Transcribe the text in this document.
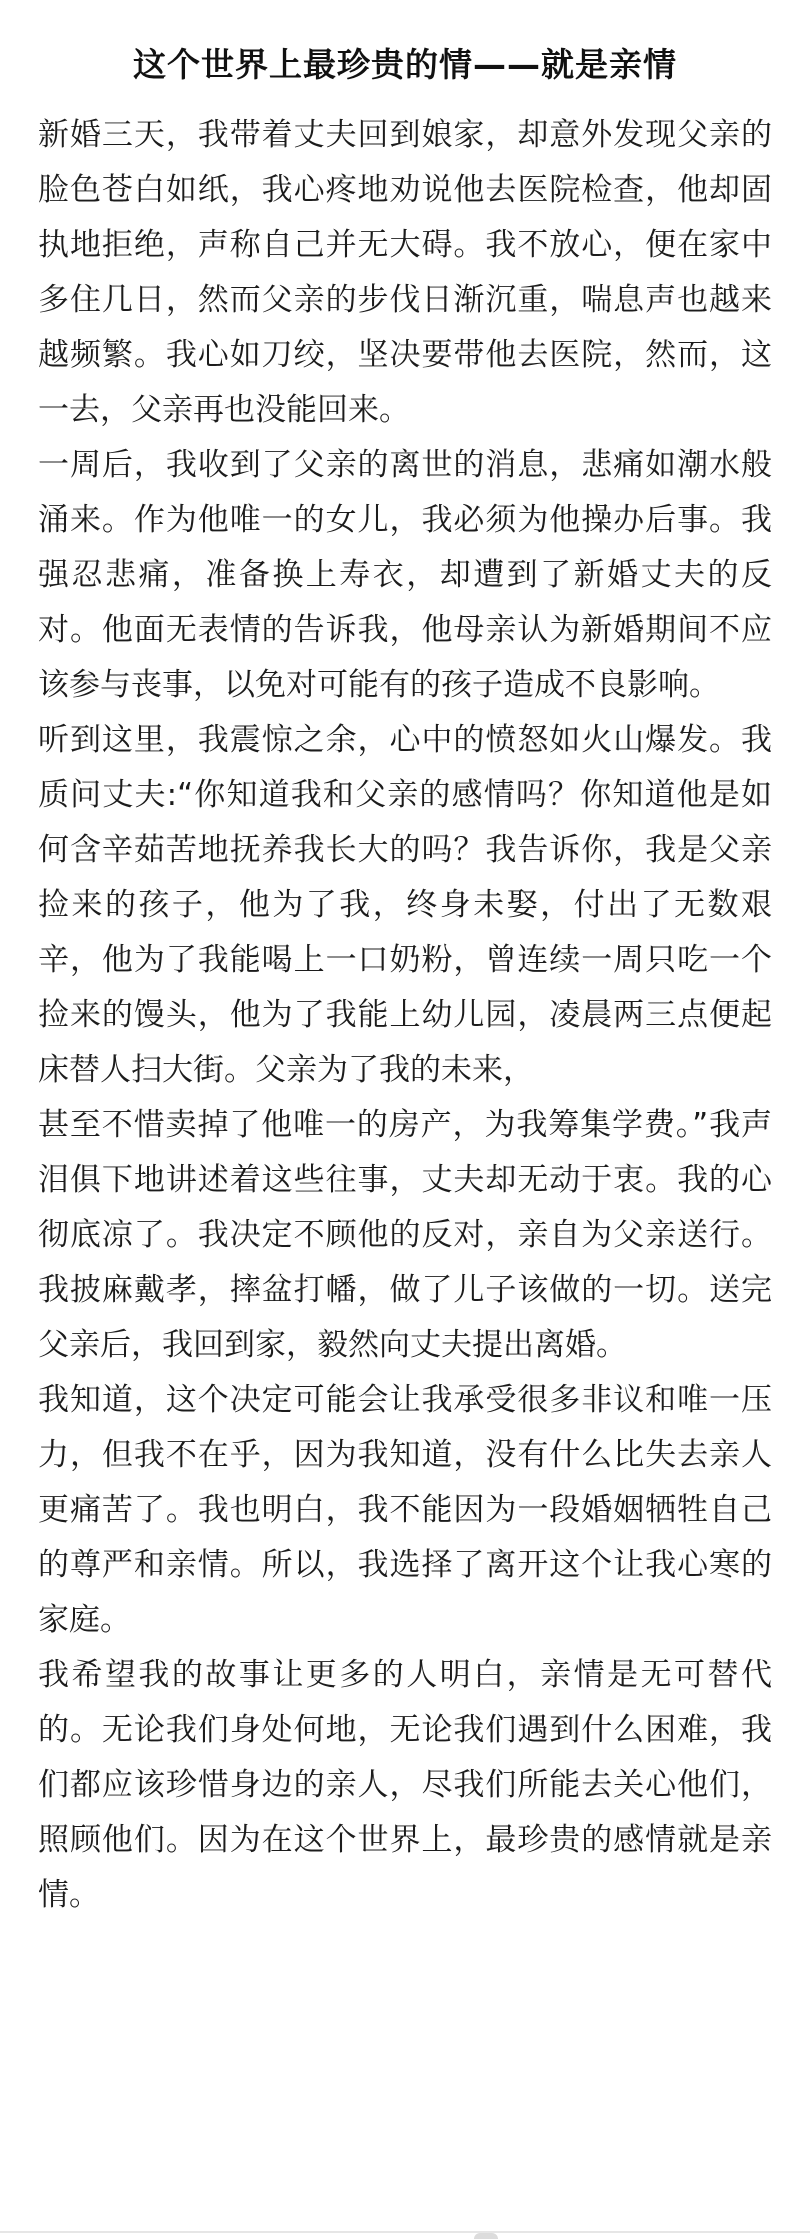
这个世界上最珍贵的情——就是亲情

新婚三天，我带着丈夫回到娘家，却意外发现父亲的脸色苍白如纸，我心疼地劝说他去医院检查，他却固执地拒绝，声称自己并无大碍。我不放心，便在家中多住几日，然而父亲的步伐日渐沉重，喘息声也越来越频繁。我心如刀绞，坚决要带他去医院，然而，这一去，父亲再也没能回来。

一周后，我收到了父亲的离世的消息，悲痛如潮水般涌来。作为他唯一的女儿，我必须为他操办后事。我强忍悲痛，准备换上寿衣，却遭到了新婚丈夫的反对。他面无表情的告诉我，他母亲认为新婚期间不应该参与丧事，以免对可能有的孩子造成不良影响。

听到这里，我震惊之余，心中的愤怒如火山爆发。我质问丈夫:“你知道我和父亲的感情吗？你知道他是如何含辛茹苦地抚养我长大的吗？我告诉你，我是父亲捡来的孩子，他为了我，终身未娶，付出了无数艰辛，他为了我能喝上一口奶粉，曾连续一周只吃一个捡来的馒头，他为了我能上幼儿园，凌晨两三点便起床替人扫大街。父亲为了我的未来，

甚至不惜卖掉了他唯一的房产，为我筹集学费。”我声泪俱下地讲述着这些往事，丈夫却无动于衷。我的心彻底凉了。我决定不顾他的反对，亲自为父亲送行。我披麻戴孝，摔盆打幡，做了儿子该做的一切。送完父亲后，我回到家，毅然向丈夫提出离婚。

我知道，这个决定可能会让我承受很多非议和唯一压力，但我不在乎，因为我知道，没有什么比失去亲人更痛苦了。我也明白，我不能因为一段婚姻牺牲自己的尊严和亲情。所以，我选择了离开这个让我心寒的家庭。

我希望我的故事让更多的人明白，亲情是无可替代的。无论我们身处何地，无论我们遇到什么困难，我们都应该珍惜身边的亲人，尽我们所能去关心他们，照顾他们。因为在这个世界上，最珍贵的感情就是亲情。
